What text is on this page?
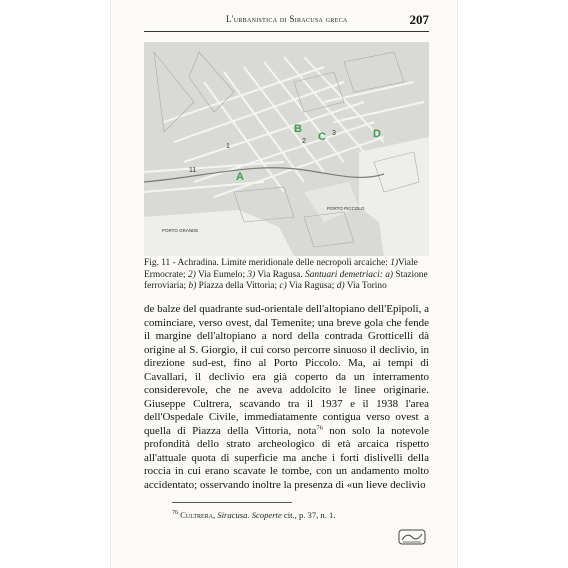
L'urbanistica di Siracusa greca	207
A
B
C	D
1
2
3
11
PORTO PICCOLO
PORTO GRANDE
Fig. 11 - Achradina. Limite meridionale delle necropoli arcaiche: 1)Viale Ermocrate; 2) Via Eumelo; 3) Via Ragusa. Santuari demetriaci: a) Stazione ferroviaria; b) Piazza della Vittoria; c) Via Ragusa; d) Via Torino

de balze del quadrante sud-orientale dell'altopiano dell'Epipoli, a cominciare, verso ovest, dal Temenite; una breve gola che fende il margine dell'altopiano a nord della contrada Grotticelli dà origine al S. Giorgio, il cui corso percorre sinuoso il declivio, in direzione sud-est, fino al Porto Piccolo. Ma, ai tempi di Cavallari, il declivio era già coperto da un interramento considerevole, che ne aveva addolcito le linee originarie. Giuseppe Cultrera, scavando tra il 1937 e il 1938 l'area dell'Ospedale Civile, immediatamente contigua verso ovest a quella di Piazza della Vittoria, nota$^{76}$ non solo la notevole profondità dello strato archeologico di età arcaica rispetto all'attuale quota di superficie ma anche i forti dislivelli della roccia in cui erano scavate le tombe, con un andamento molto accidentato; osservando inoltre la presenza di «un lieve declivio

$^{76}$ Cultrera, Siracusa. Scoperte cit., p. 37, n. 1.
